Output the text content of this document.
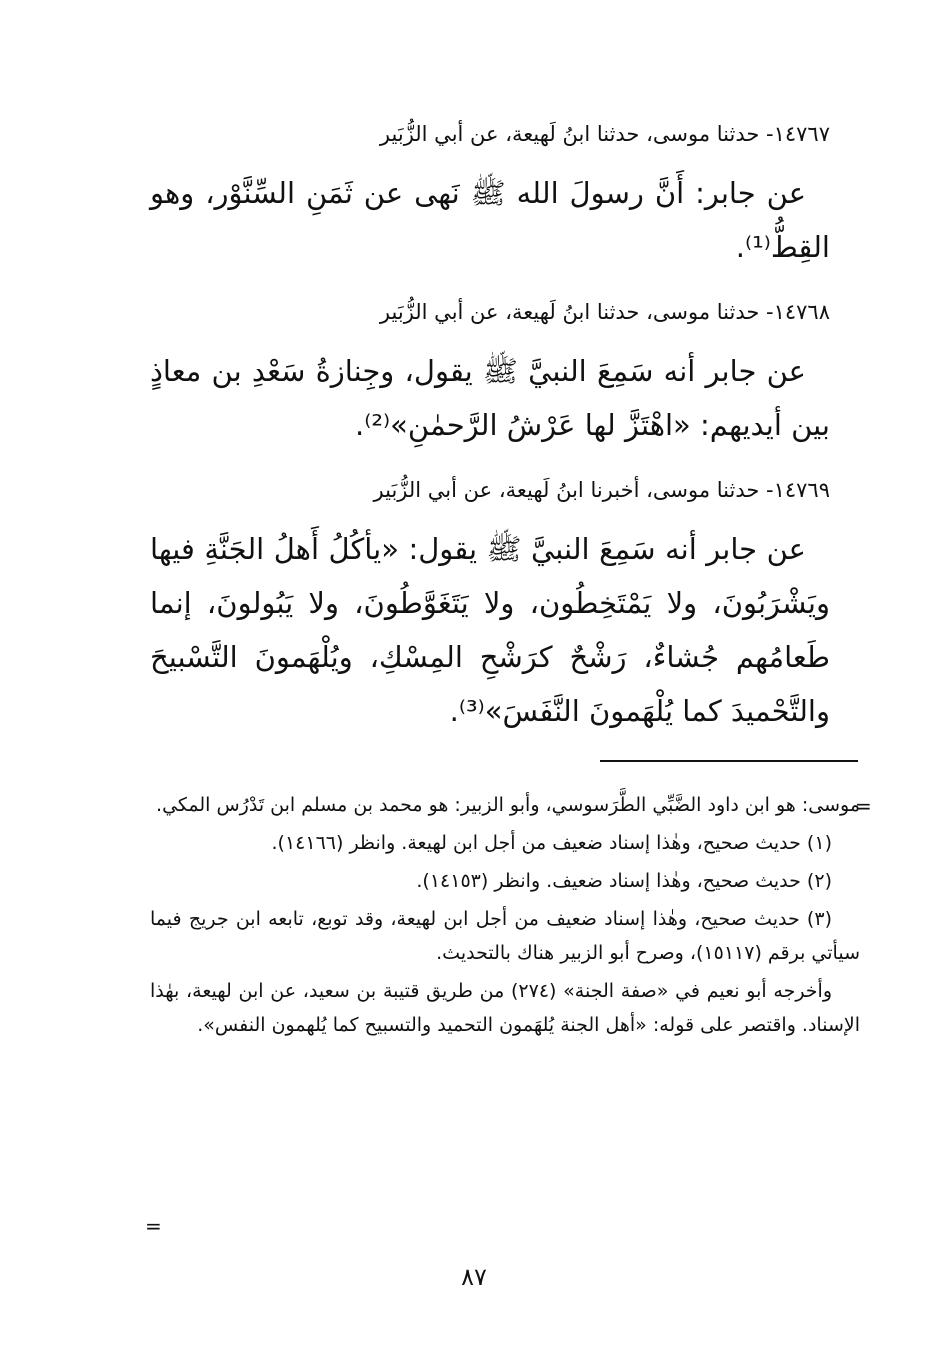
١٤٧٦٧- حدثنا موسى، حدثنا ابنُ لَهيعة، عن أبي الزُّبَير

عن جابر: أَنَّ رسولَ الله ﷺ نَهى عن ثَمَنِ السِّنَّوْر، وهو القِطُّ⁽¹⁾.

١٤٧٦٨- حدثنا موسى، حدثنا ابنُ لَهيعة، عن أبي الزُّبَير

عن جابر أنه سَمِعَ النبيَّ ﷺ يقول، وجِنازةُ سَعْدِ بن معاذٍ بين أيديهم: «اهْتَزَّ لها عَرْشُ الرَّحمٰنِ»⁽²⁾.

١٤٧٦٩- حدثنا موسى، أخبرنا ابنُ لَهيعة، عن أبي الزُّبَير

عن جابر أنه سَمِعَ النبيَّ ﷺ يقول: «يأكُلُ أَهلُ الجَنَّةِ فيها ويَشْرَبُونَ، ولا يَمْتَخِطُون، ولا يَتَغَوَّطُونَ، ولا يَبُولونَ، إنما طَعامُهم جُشاءٌ، رَشْحٌ كرَشْحِ المِسْكِ، ويُلْهَمونَ التَّسْبيحَ والتَّحْميدَ كما يُلْهَمونَ النَّفَسَ»⁽³⁾.

=

موسى: هو ابن داود الضَّبِّي الطَّرَسوسي، وأبو الزبير: هو محمد بن مسلم ابن تَدْرُس المكي.

(١) حديث صحيح، وهٰذا إسناد ضعيف من أجل ابن لهيعة. وانظر (١٤١٦٦).

(٢) حديث صحيح، وهٰذا إسناد ضعيف. وانظر (١٤١٥٣).

(٣) حديث صحيح، وهٰذا إسناد ضعيف من أجل ابن لهيعة، وقد توبع، تابعه ابن جريج فيما سيأتي برقم (١٥١١٧)، وصرح أبو الزبير هناك بالتحديث.

وأخرجه أبو نعيم في «صفة الجنة» (٢٧٤) من طريق قتيبة بن سعيد، عن ابن لهيعة، بهٰذا الإسناد. واقتصر على قوله: «أهل الجنة يُلهَمون التحميد والتسبيح كما يُلهمون النفس».

=
٨٧
